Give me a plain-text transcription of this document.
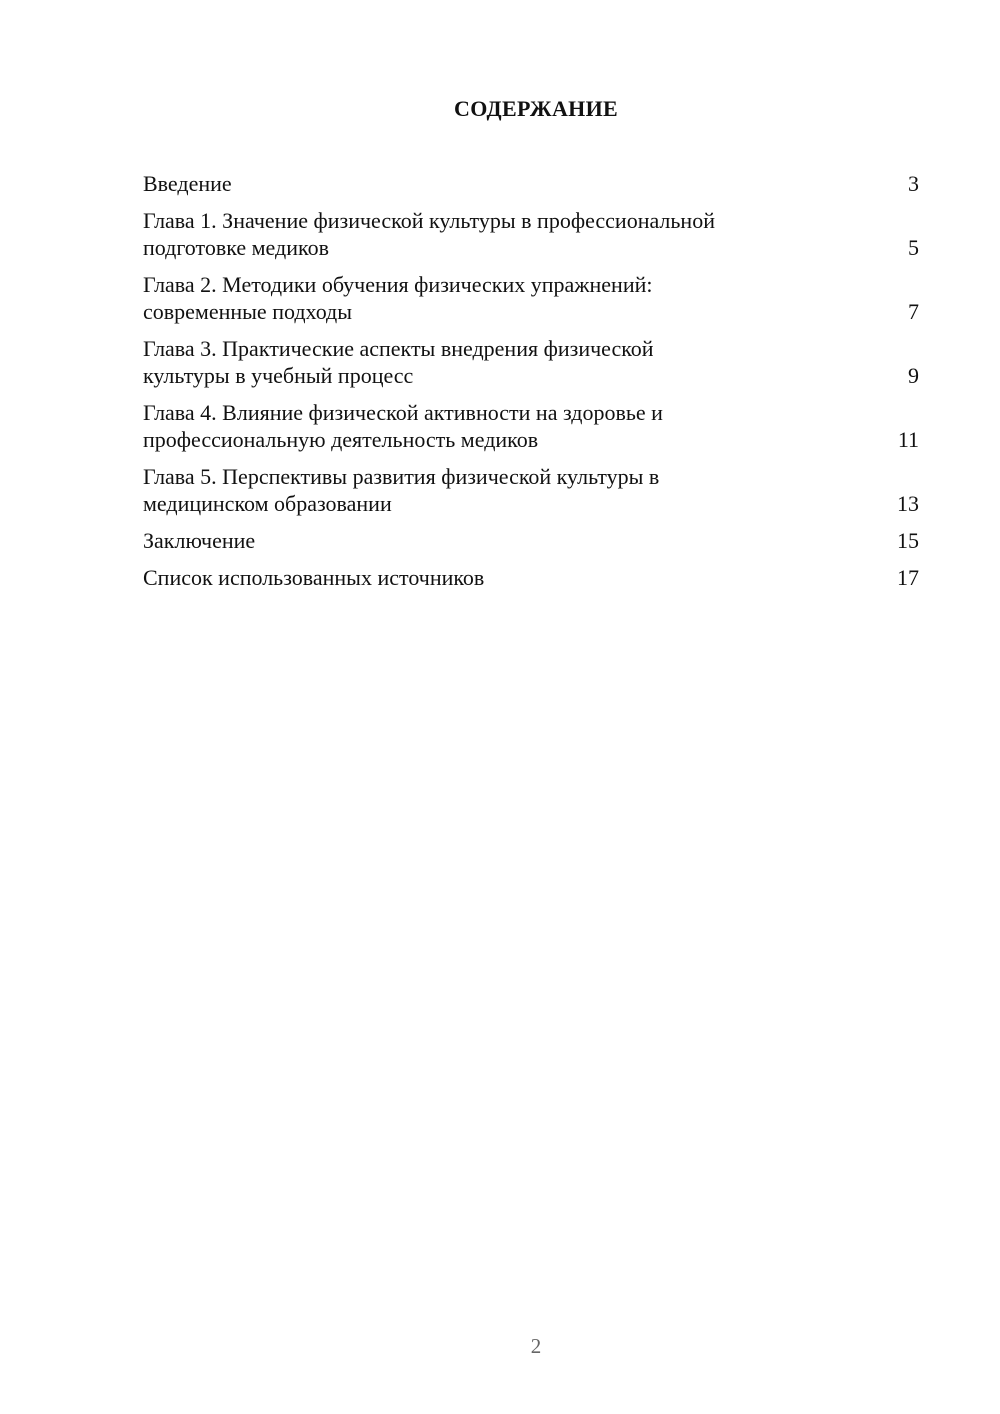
СОДЕРЖАНИЕ
Введение	3
Глава 1. Значение физической культуры в профессиональной
подготовке медиков	5
Глава 2. Методики обучения физических упражнений:
современные подходы	7
Глава 3. Практические аспекты внедрения физической
культуры в учебный процесс	9
Глава 4. Влияние физической активности на здоровье и
профессиональную деятельность медиков	11
Глава 5. Перспективы развития физической культуры в
медицинском образовании	13
Заключение	15
Список использованных источников	17
2
